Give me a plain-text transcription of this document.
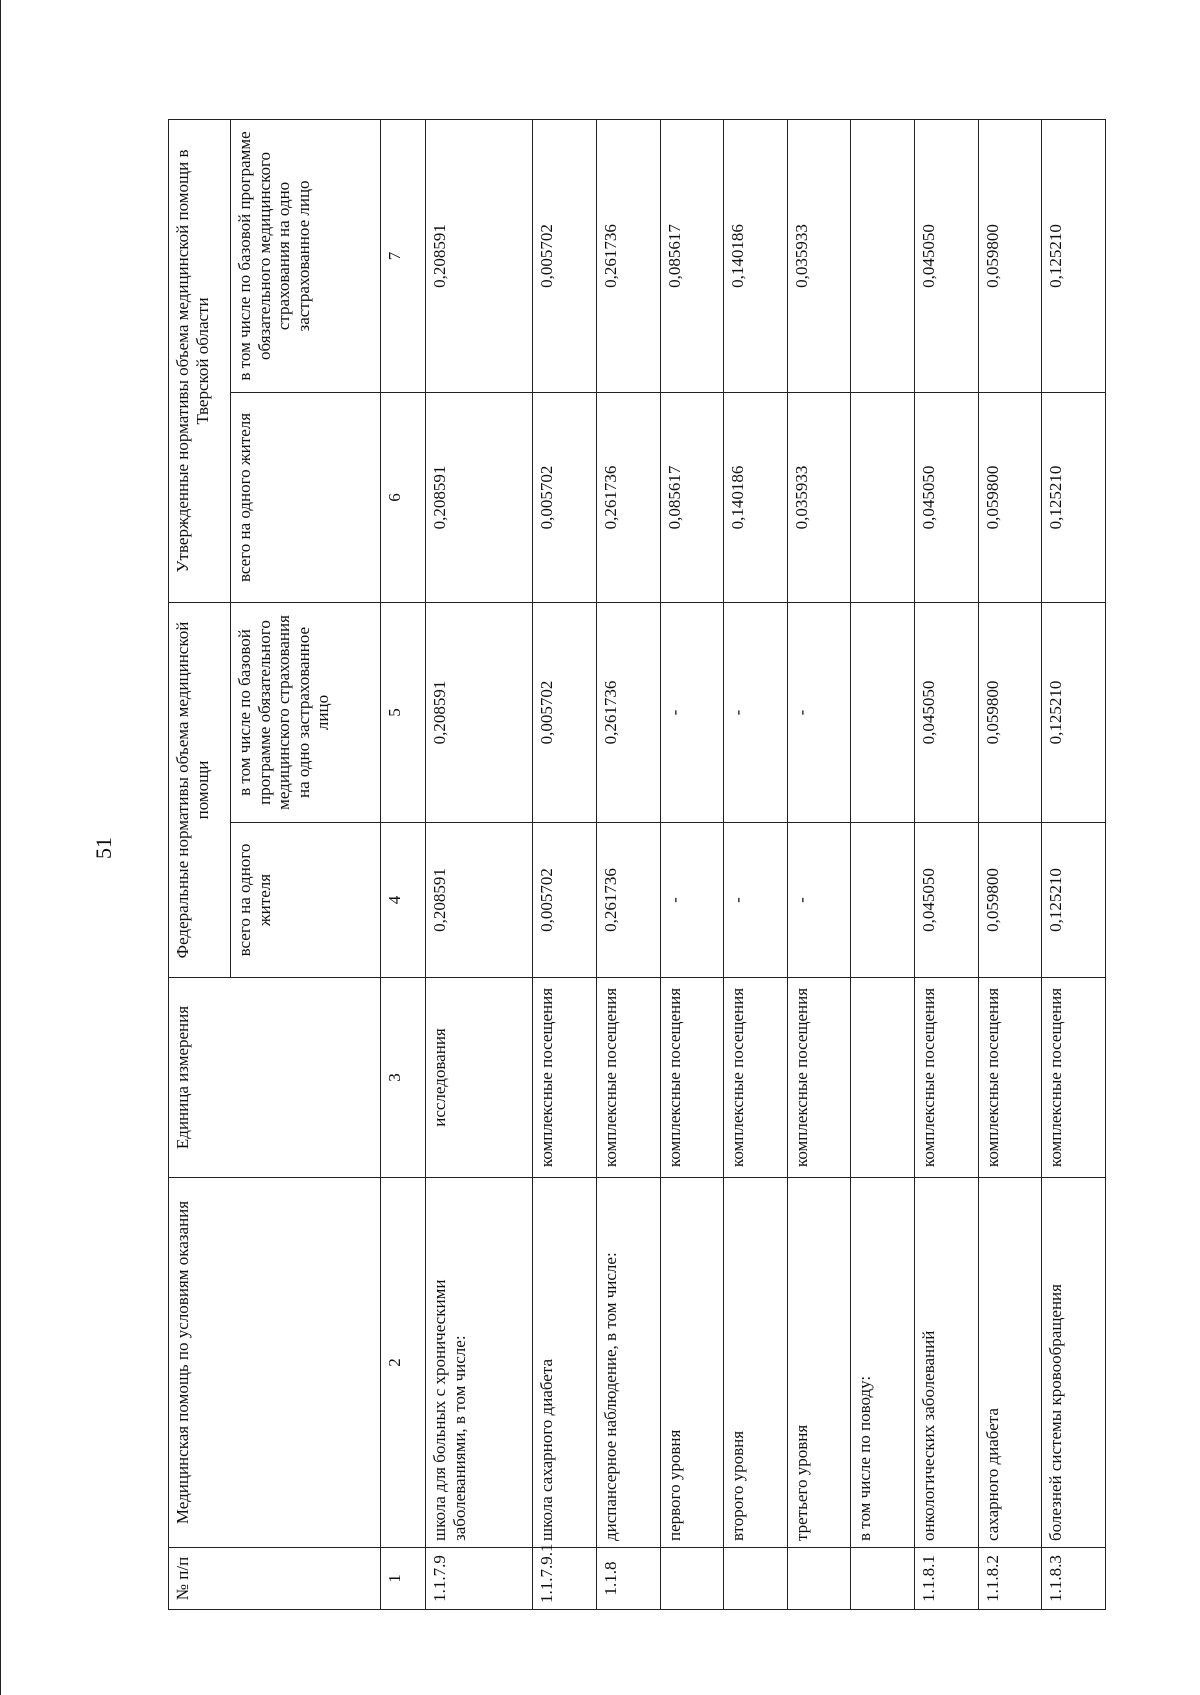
51
№ п/п	Медицинская помощь по условиям оказания	Единица измерения	Федеральные нормативы объема медицинской помощи		Утвержденные нормативы объема медицинской помощи в Тверской области	
			всего на одного жителя	в том числе по базовой программе обязательного медицинского страхования на одно застрахованное лицо	всего на одного жителя	в том числе по базовой программе обязательного медицинского страхования на одно застрахованное лицо
1	2	3	4	5	6	7
1.1.7.9	школа для больных с хроническими заболеваниями, в том числе:	исследования	0,208591	0,208591	0,208591	0,208591
1.1.7.9.1	школа сахарного диабета	комплексные посещения	0,005702	0,005702	0,005702	0,005702
1.1.8	диспансерное наблюдение, в том числе:	комплексные посещения	0,261736	0,261736	0,261736	0,261736
	первого уровня	комплексные посещения	-	-	0,085617	0,085617
	второго уровня	комплексные посещения	-	-	0,140186	0,140186
	третьего уровня	комплексные посещения	-	-	0,035933	0,035933
	в том числе по поводу:					
1.1.8.1	онкологических заболеваний	комплексные посещения	0,045050	0,045050	0,045050	0,045050
1.1.8.2	сахарного диабета	комплексные посещения	0,059800	0,059800	0,059800	0,059800
1.1.8.3	болезней системы кровообращения	комплексные посещения	0,125210	0,125210	0,125210	0,125210
